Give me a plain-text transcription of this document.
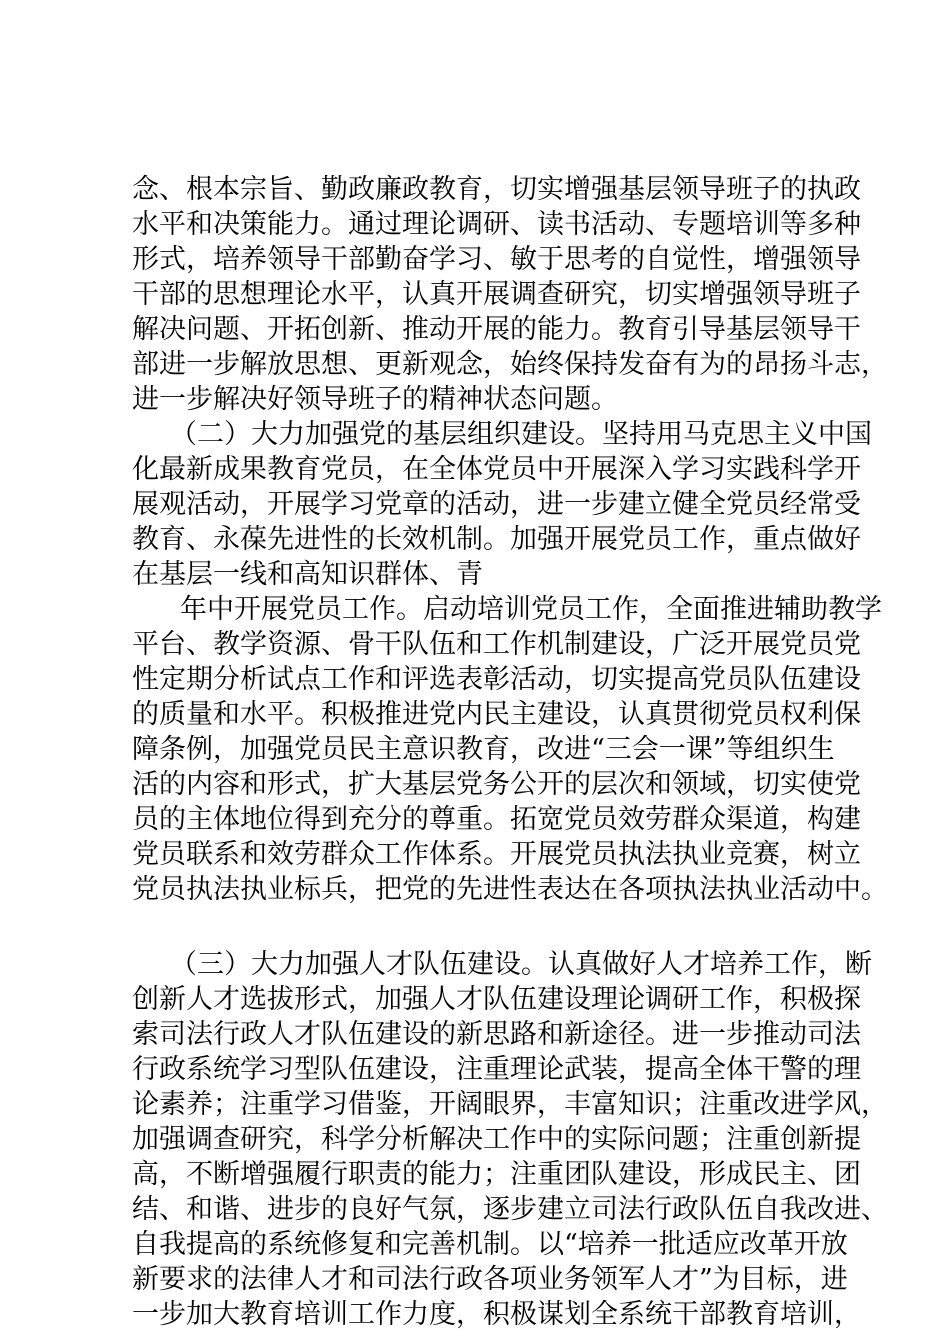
念、根本宗旨、勤政廉政教育，切实增强基层领导班子的执政
水平和决策能力。通过理论调研、读书活动、专题培训等多种
形式，培养领导干部勤奋学习、敏于思考的自觉性，增强领导
干部的思想理论水平，认真开展调查研究，切实增强领导班子
解决问题、开拓创新、推动开展的能力。教育引导基层领导干
部进一步解放思想、更新观念，始终保持发奋有为的昂扬斗志，
进一步解决好领导班子的精神状态问题。
（二）大力加强党的基层组织建设。坚持用马克思主义中国
化最新成果教育党员，在全体党员中开展深入学习实践科学开
展观活动，开展学习党章的活动，进一步建立健全党员经常受
教育、永葆先进性的长效机制。加强开展党员工作，重点做好
在基层一线和高知识群体、青
年中开展党员工作。启动培训党员工作，全面推进辅助教学
平台、教学资源、骨干队伍和工作机制建设，广泛开展党员党
性定期分析试点工作和评选表彰活动，切实提高党员队伍建设
的质量和水平。积极推进党内民主建设，认真贯彻党员权利保
障条例，加强党员民主意识教育，改进“三会一课”等组织生
活的内容和形式，扩大基层党务公开的层次和领域，切实使党
员的主体地位得到充分的尊重。拓宽党员效劳群众渠道，构建
党员联系和效劳群众工作体系。开展党员执法执业竞赛，树立
党员执法执业标兵，把党的先进性表达在各项执法执业活动中。
（三）大力加强人才队伍建设。认真做好人才培养工作，断
创新人才选拔形式，加强人才队伍建设理论调研工作，积极探
索司法行政人才队伍建设的新思路和新途径。进一步推动司法
行政系统学习型队伍建设，注重理论武装，提高全体干警的理
论素养；注重学习借鉴，开阔眼界，丰富知识；注重改进学风，
加强调查研究，科学分析解决工作中的实际问题；注重创新提
高，不断增强履行职责的能力；注重团队建设，形成民主、团
结、和谐、进步的良好气氛，逐步建立司法行政队伍自我改进、
自我提高的系统修复和完善机制。以“培养一批适应改革开放
新要求的法律人才和司法行政各项业务领军人才”为目标，进
一步加大教育培训工作力度，积极谋划全系统干部教育培训，
